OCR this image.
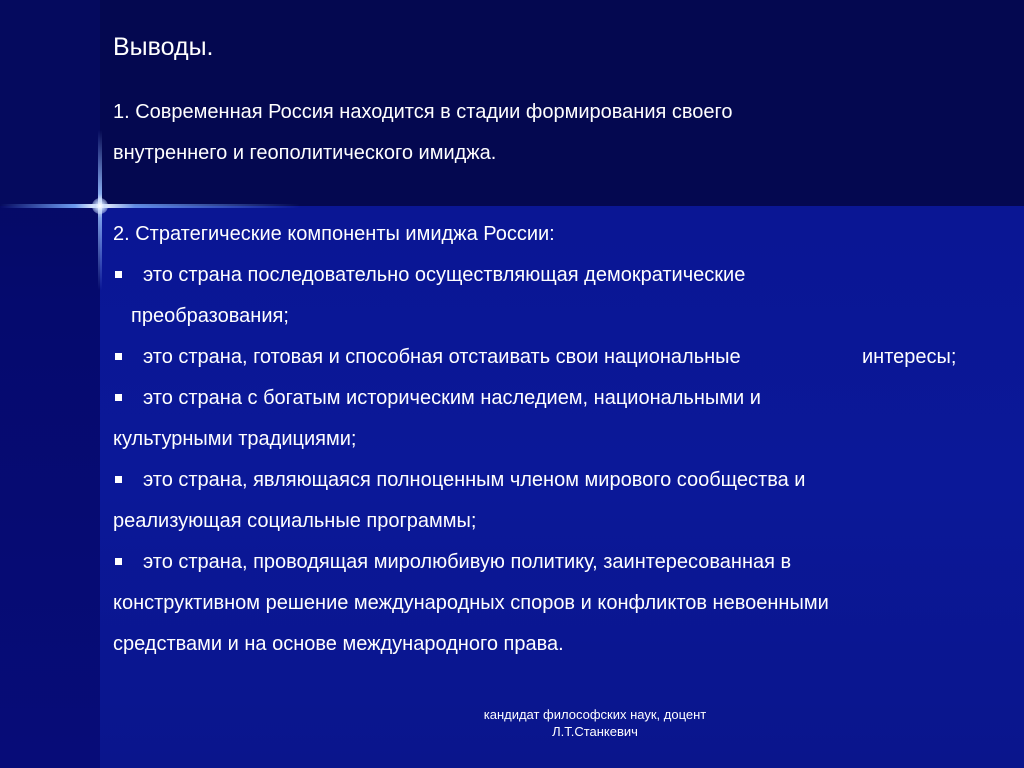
Выводы.

1. Современная Россия находится в стадии формирования своего

внутреннего и геополитического имиджа.

2. Стратегические компоненты имиджа России:

это страна последовательно осуществляющая демократические

преобразования;

это страна, готовая и способная отстаивать свои национальные	интересы;

это страна с богатым историческим наследием, национальными и

культурными традициями;

это страна, являющаяся полноценным членом мирового сообщества и

реализующая социальные программы;

это страна, проводящая миролюбивую политику, заинтересованная в

конструктивном решение международных споров и конфликтов невоенными

средствами и на основе международного права.

кандидат философских наук, доцент
Л.Т.Станкевич
